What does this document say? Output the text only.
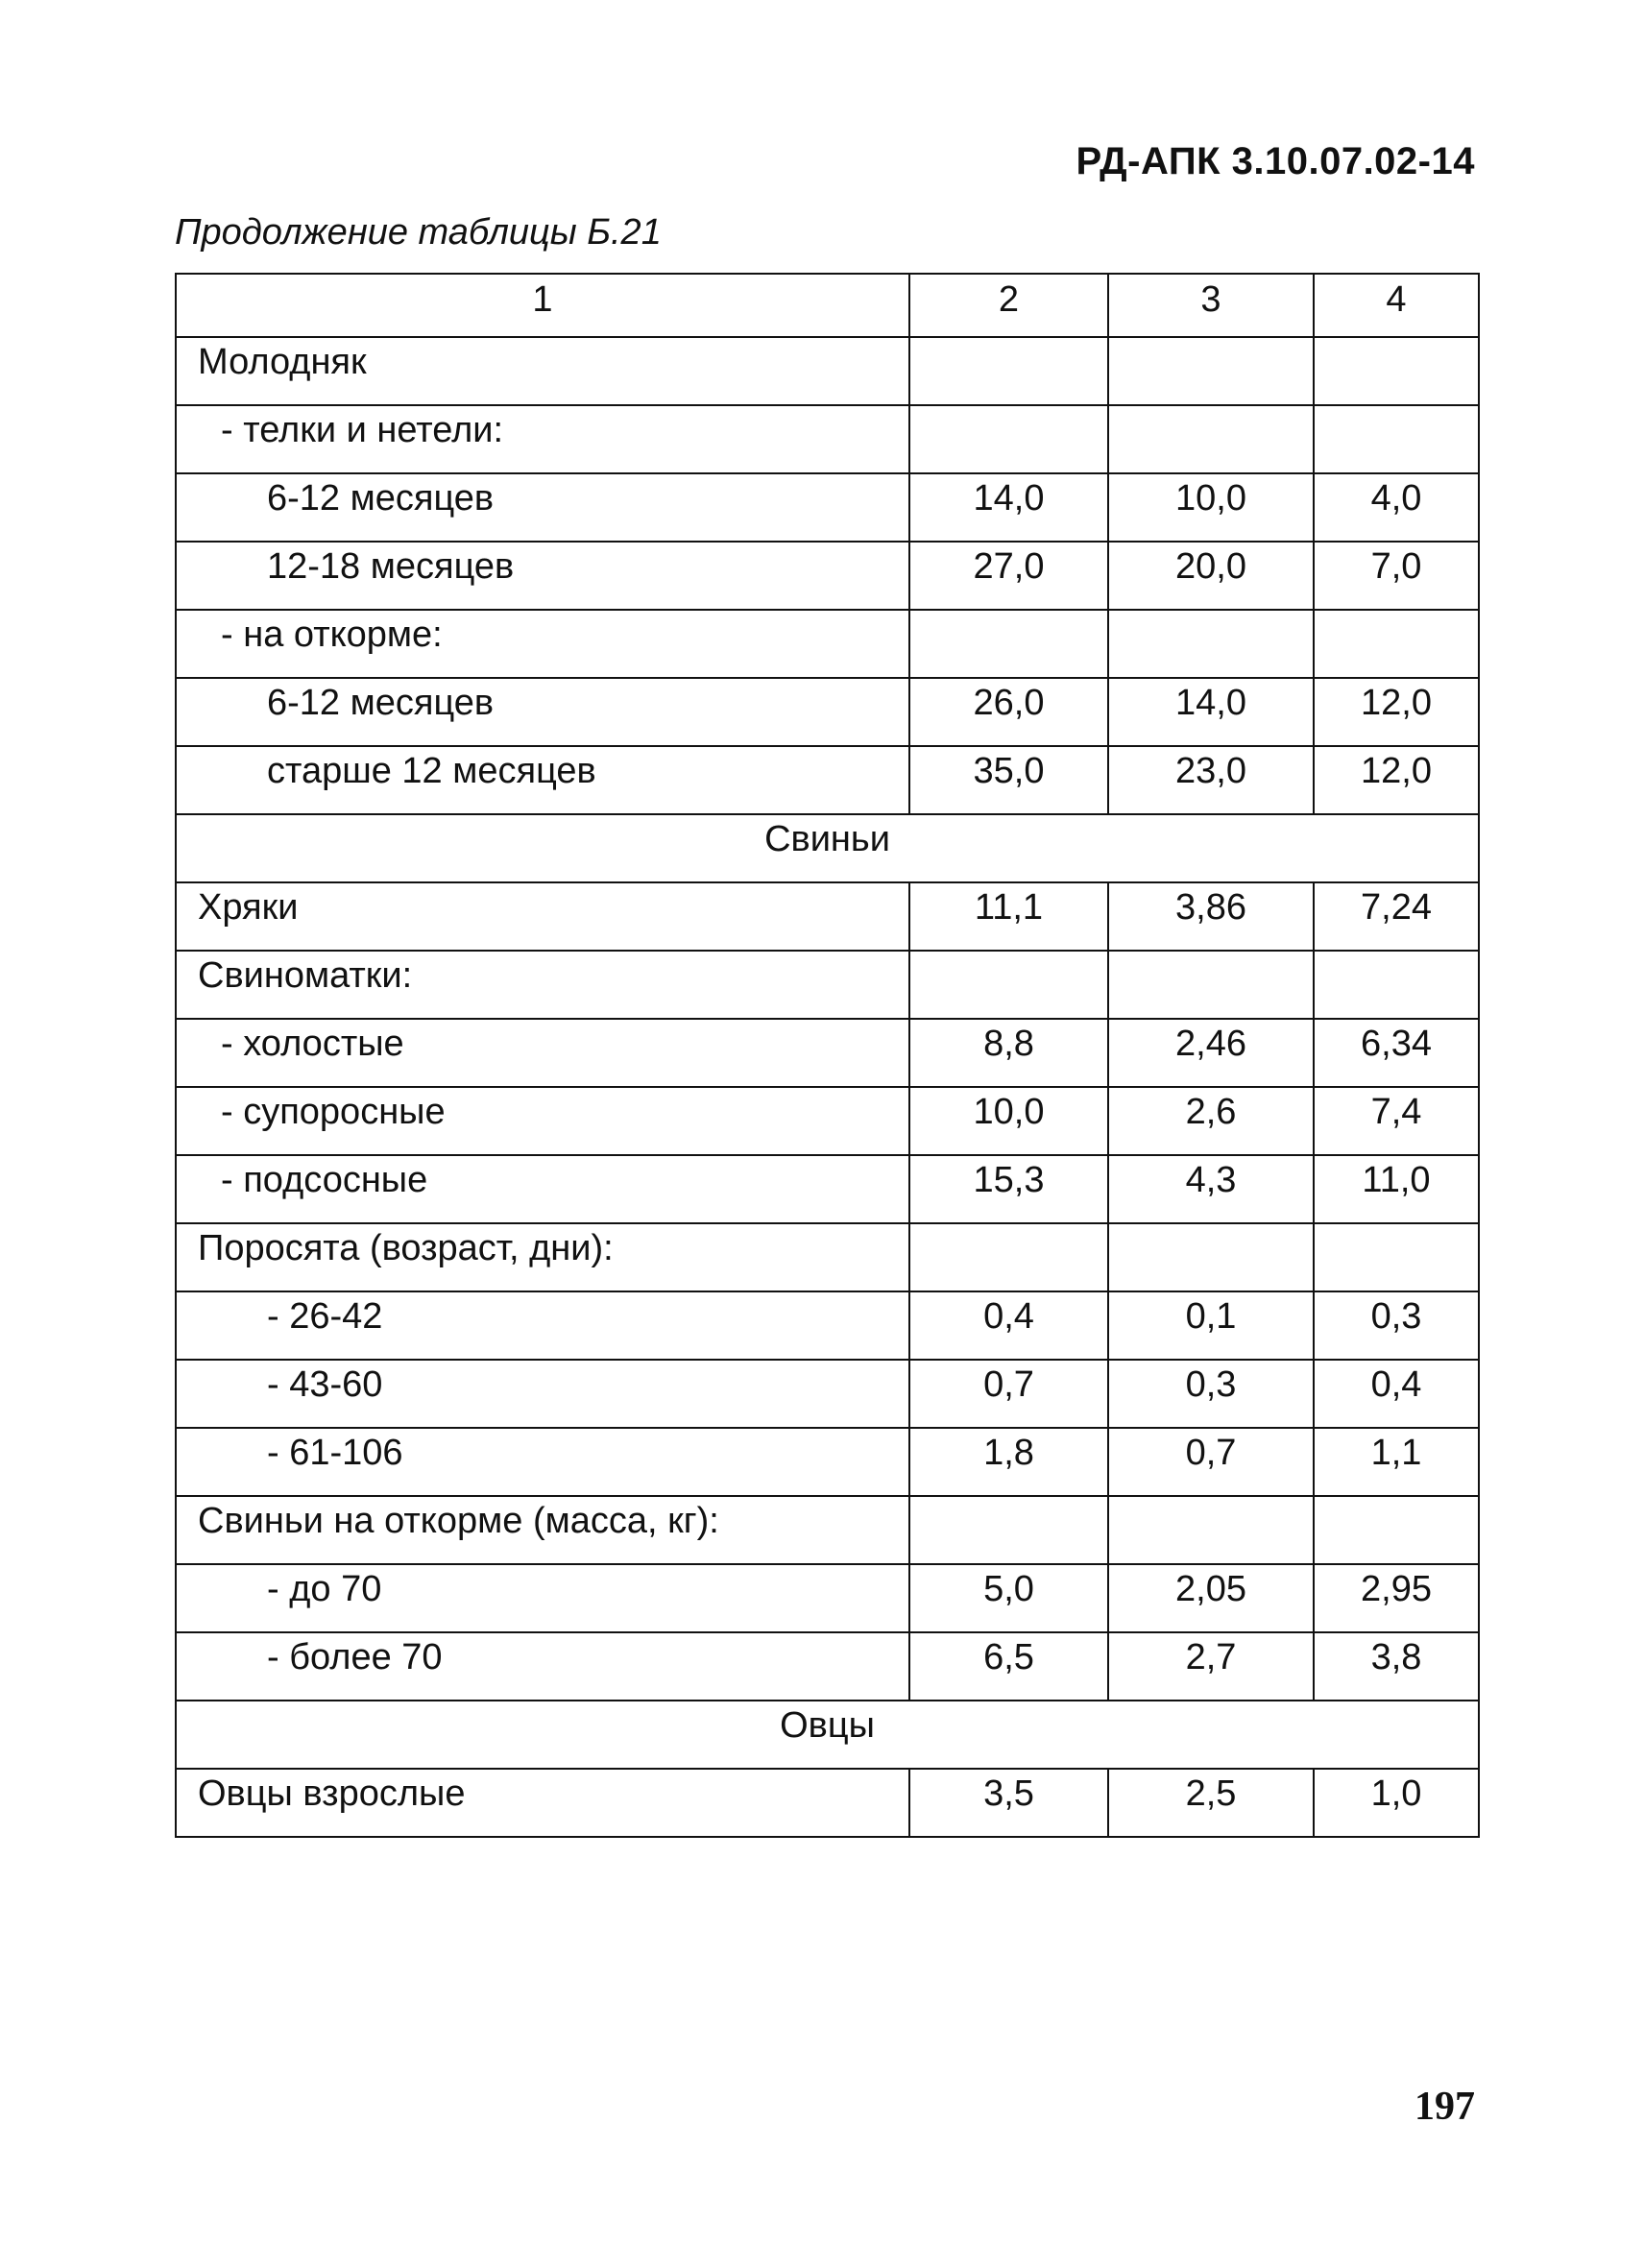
РД-АПК 3.10.07.02-14
Продолжение таблицы Б.21
1	2	3	4
Молодняк			
- телки и нетели:			
6-12 месяцев	14,0	10,0	4,0
12-18 месяцев	27,0	20,0	7,0
- на откорме:			
6-12 месяцев	26,0	14,0	12,0
старше 12 месяцев	35,0	23,0	12,0
Свиньи			
Хряки	11,1	3,86	7,24
Свиноматки:			
- холостые	8,8	2,46	6,34
- супоросные	10,0	2,6	7,4
- подсосные	15,3	4,3	11,0
Поросята (возраст, дни):			
- 26-42	0,4	0,1	0,3
- 43-60	0,7	0,3	0,4
- 61-106	1,8	0,7	1,1
Свиньи на откорме (масса, кг):			
- до 70	5,0	2,05	2,95
- более 70	6,5	2,7	3,8
Овцы			
Овцы взрослые	3,5	2,5	1,0
197
